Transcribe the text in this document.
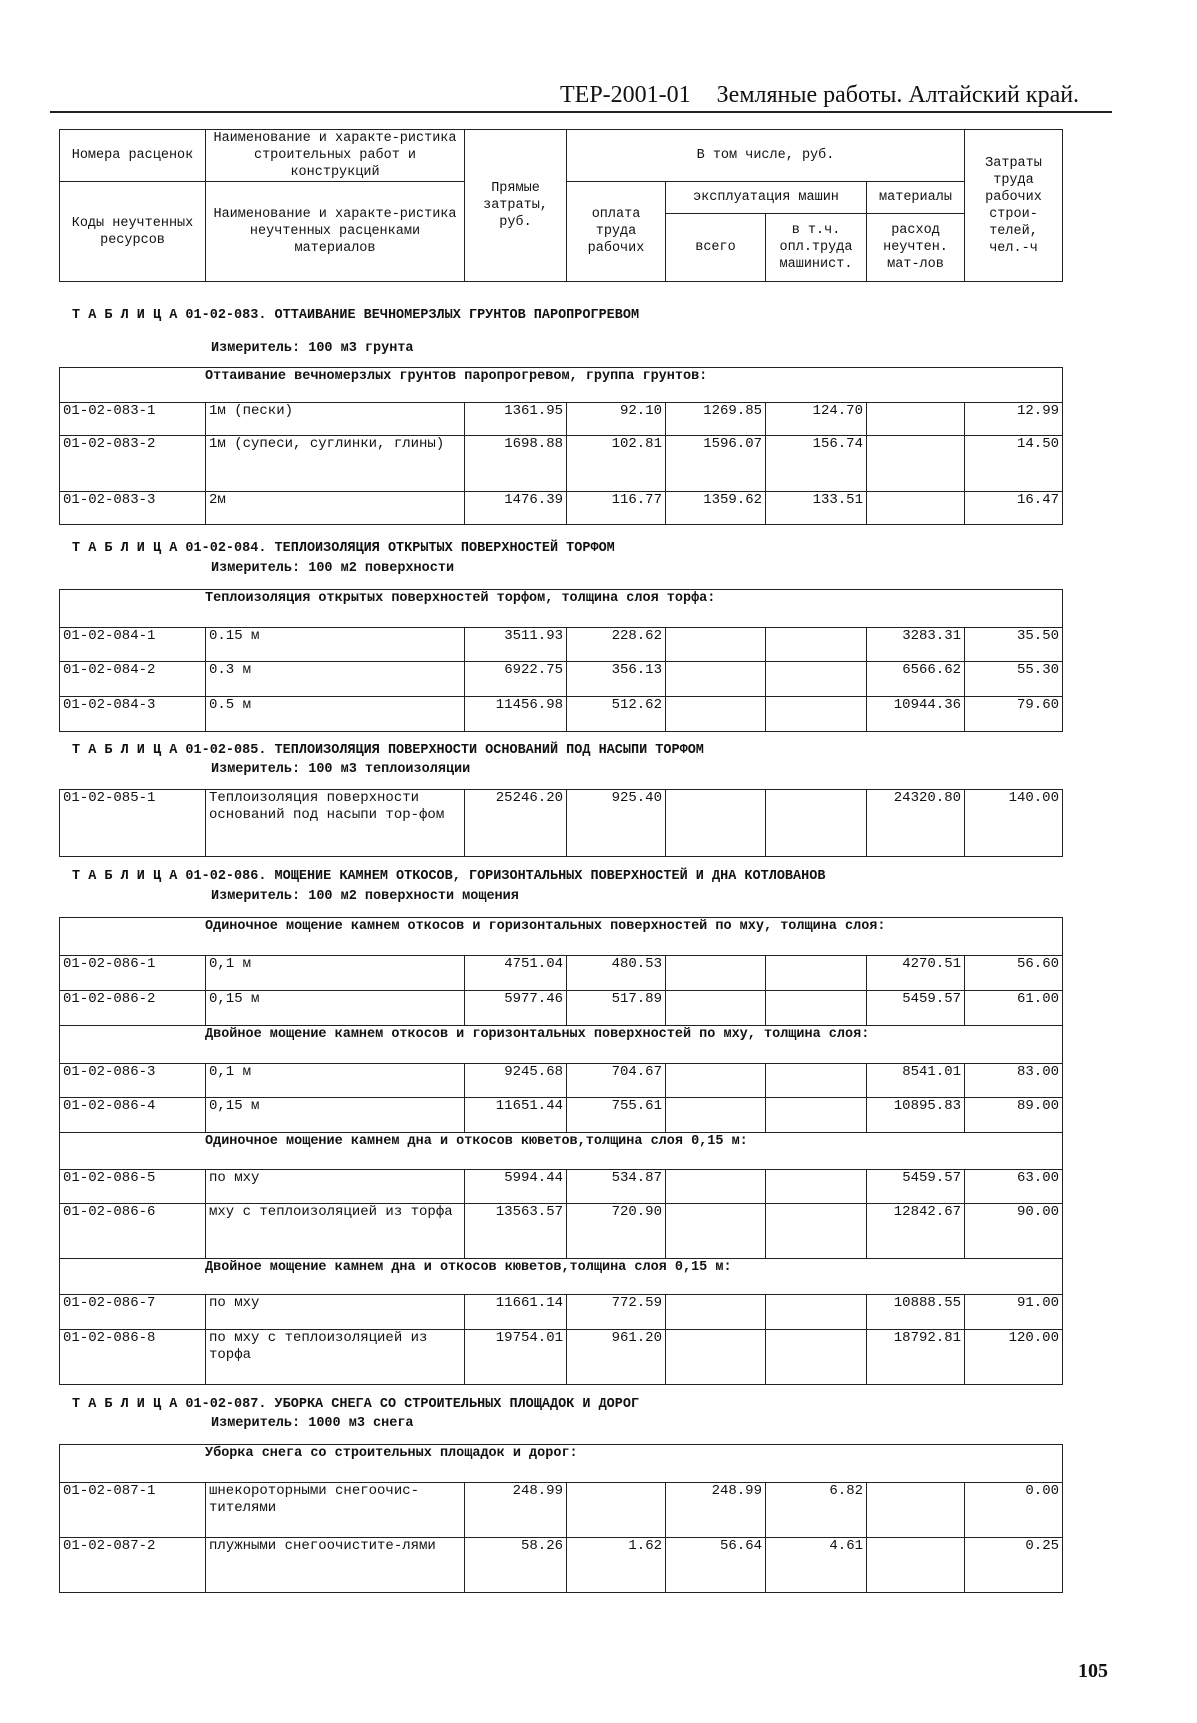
ТЕР-2001-01 Земляные работы. Алтайский край.
Номера расценок	Наименование и характе-ристика строительных работ и конструкций	Прямые затраты, руб.	В том числе, руб.				Затраты труда рабочих строи-телей, чел.-ч
Коды неучтенных ресурсов	Наименование и характе-ристика неучтенных расценками материалов		оплата труда рабочих	эксплуатация машин		материалы	
				всего	в т.ч. опл.труда машинист.	расход неучтен. мат-лов	
Т А Б Л И Ц А 01-02-083. ОТТАИВАНИЕ ВЕЧНОМЕРЗЛЫХ ГРУНТОВ ПАРОПРОГРЕВОМ
Измеритель: 100 м3 грунта
Оттаивание вечномерзлых грунтов паропрогревом, группа грунтов:							
01-02-083-1	1м (пески)	1361.95	92.10	1269.85	124.70		12.99
01-02-083-2	1м (супеси, суглинки, глины)	1698.88	102.81	1596.07	156.74		14.50
01-02-083-3	2м	1476.39	116.77	1359.62	133.51		16.47
Т А Б Л И Ц А 01-02-084. ТЕПЛОИЗОЛЯЦИЯ ОТКРЫТЫХ ПОВЕРХНОСТЕЙ ТОРФОМ
Измеритель: 100 м2 поверхности
Теплоизоляция открытых поверхностей торфом, толщина слоя торфа:							
01-02-084-1	0.15 м	3511.93	228.62			3283.31	35.50
01-02-084-2	0.3 м	6922.75	356.13			6566.62	55.30
01-02-084-3	0.5 м	11456.98	512.62			10944.36	79.60
Т А Б Л И Ц А 01-02-085. ТЕПЛОИЗОЛЯЦИЯ ПОВЕРХНОСТИ ОСНОВАНИЙ ПОД НАСЫПИ ТОРФОМ
Измеритель: 100 м3 теплоизоляции
01-02-085-1	Теплоизоляция поверхности оснований под насыпи тор-фом	25246.20	925.40			24320.80	140.00
Т А Б Л И Ц А 01-02-086. МОЩЕНИЕ КАМНЕМ ОТКОСОВ, ГОРИЗОНТАЛЬНЫХ ПОВЕРХНОСТЕЙ И ДНА КОТЛОВАНОВ
Измеритель: 100 м2 поверхности мощения
Одиночное мощение камнем откосов и горизонтальных поверхностей по мху, толщина слоя:							
01-02-086-1	0,1 м	4751.04	480.53			4270.51	56.60
01-02-086-2	0,15 м	5977.46	517.89			5459.57	61.00
Двойное мощение камнем откосов и горизонтальных поверхностей по мху, толщина слоя:							
01-02-086-3	0,1 м	9245.68	704.67			8541.01	83.00
01-02-086-4	0,15 м	11651.44	755.61			10895.83	89.00
Одиночное мощение камнем дна и откосов кюветов,толщина слоя 0,15 м:							
01-02-086-5	по мху	5994.44	534.87			5459.57	63.00
01-02-086-6	мху с теплоизоляцией из торфа	13563.57	720.90			12842.67	90.00
Двойное мощение камнем дна и откосов кюветов,толщина слоя 0,15 м:							
01-02-086-7	по мху	11661.14	772.59			10888.55	91.00
01-02-086-8	по мху с теплоизоляцией из торфа	19754.01	961.20			18792.81	120.00
Т А Б Л И Ц А 01-02-087. УБОРКА СНЕГА СО СТРОИТЕЛЬНЫХ ПЛОЩАДОК И ДОРОГ
Измеритель: 1000 м3 снега
Уборка снега со строительных площадок и дорог:							
01-02-087-1	шнекороторными снегоочис-тителями	248.99		248.99	6.82		0.00
01-02-087-2	плужными снегоочистите-лями	58.26	1.62	56.64	4.61		0.25
105
